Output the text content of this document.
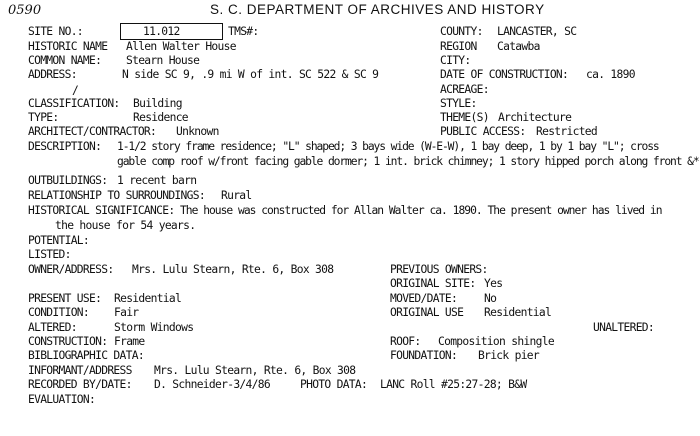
0590	S. C. DEPARTMENT OF ARCHIVES AND HISTORY
SITE NO.:	11.012	TMS#:
HISTORIC NAME Allen Walter House
COMMON NAME: Stearn House
ADDRESS:	N side SC 9, .9 mi W of int. SC 522 & SC 9
/
COUNTY: LANCASTER, SC
REGION Catawba
CITY:
DATE OF CONSTRUCTION: ca. 1890
ACREAGE:
STYLE:
THEME(S) Architecture
PUBLIC ACCESS: Restricted
CLASSIFICATION: Building
TYPE:	Residence
ARCHITECT/CONTRACTOR: Unknown
DESCRIPTION: 1-1/2 story frame residence; "L" shaped; 3 bays wide (W-E-W), 1 bay deep, 1 by 1 bay "L"; cross
gable comp roof w/front facing gable dormer; 1 int. brick chimney; 1 story hipped porch along front &*
OUTBUILDINGS: 1 recent barn
RELATIONSHIP TO SURROUNDINGS: Rural
HISTORICAL SIGNIFICANCE: The house was constructed for Allan Walter ca. 1890. The present owner has lived in
the house for 54 years.
POTENTIAL:
LISTED:
OWNER/ADDRESS: Mrs. Lulu Stearn, Rte. 6, Box 308	PREVIOUS OWNERS:
ORIGINAL SITE: Yes
PRESENT USE: Residential	MOVED/DATE: No
CONDITION: Fair	ORIGINAL USE Residential
ALTERED:	Storm Windows	UNALTERED:
CONSTRUCTION: Frame	ROOF: Composition shingle
BIBLIOGRAPHIC DATA:	FOUNDATION: Brick pier
INFORMANT/ADDRESS Mrs. Lulu Stearn, Rte. 6, Box 308
RECORDED BY/DATE: D. Schneider-3/4/86	PHOTO DATA: LANC Roll #25:27-28; B&W
EVALUATION:
